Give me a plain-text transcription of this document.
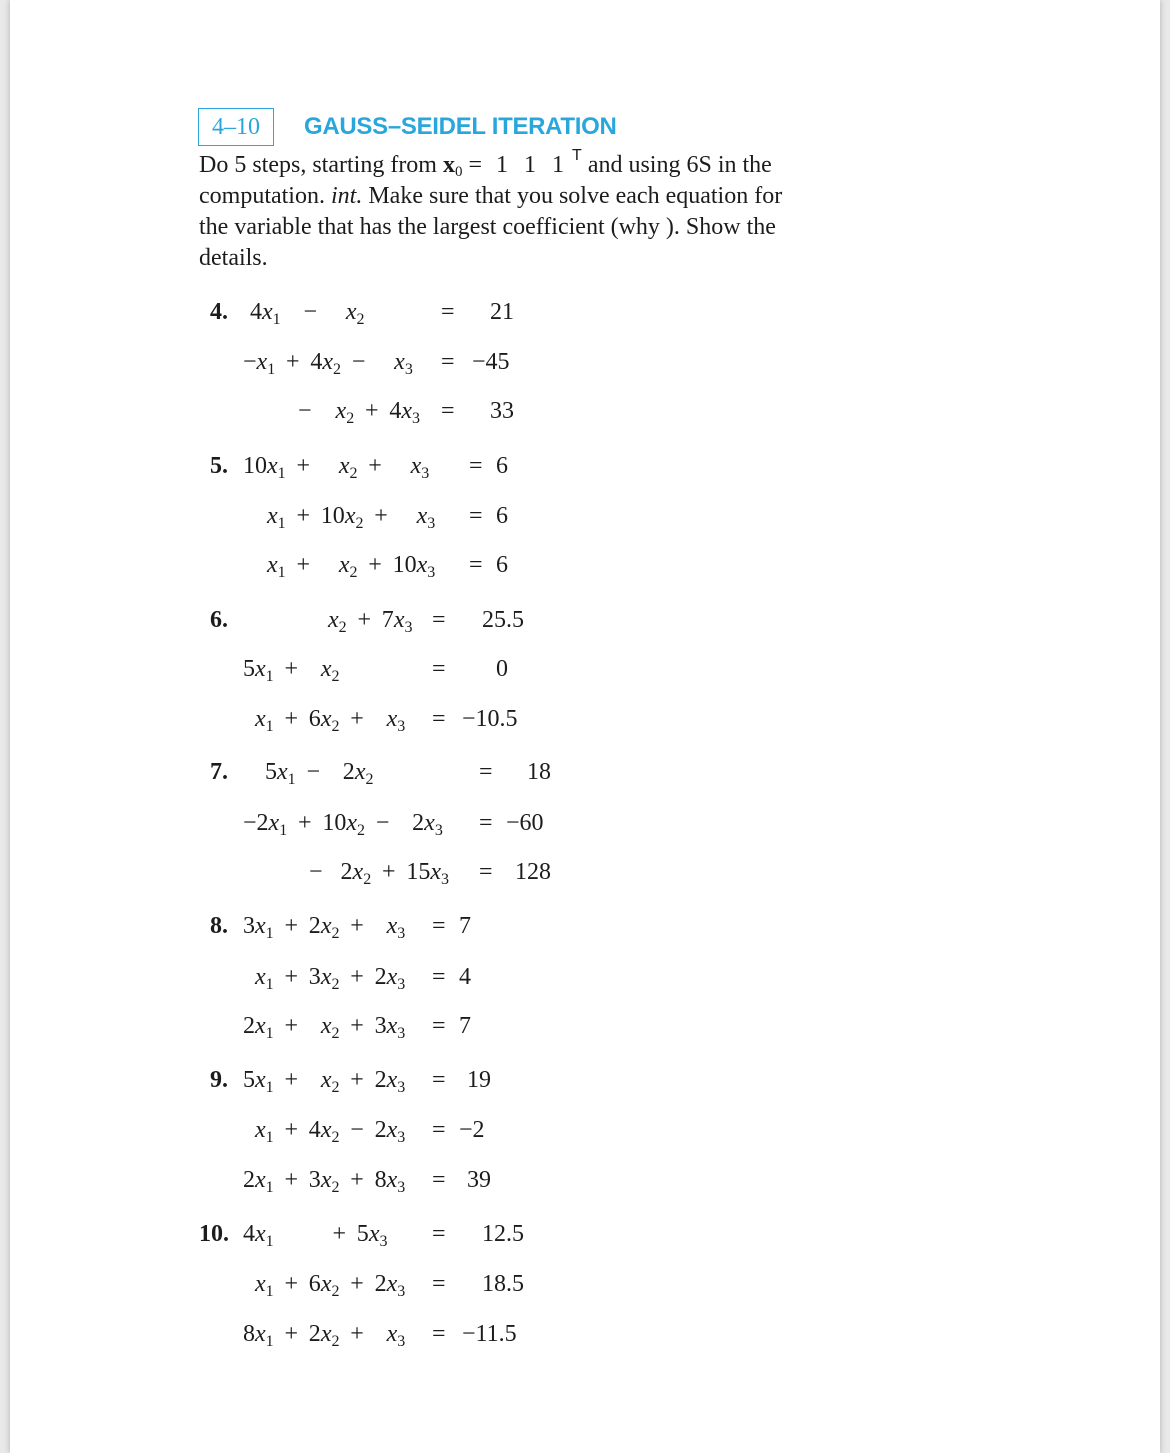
4–10	GAUSS–SEIDEL ITERATION
Do 5 steps, starting from $x_0 = 1$ 1 1 $^T$ and using 6S in the computation. int. Make sure that you solve each equation for the variable that has the largest coefficient (why ). Show the details.
4. $4x_1$    −     $x_2$	= 21
$-x_1 + 4x_2$  −     $x_3 = -45$
−    $x_2 + 4x_3 = 33$
5. $10x_1$  +     $x_2$  +     $x_3 = 6$
$x_1 + 10x_2$  +     $x_3 = 6$
$x_1$  +     $x_2 + 10x_3 = 6$
6.	$x_2 + 7x_3 = 25.5$
$5x_1$  +    $x_2$	= 0
$x_1 + 6x_2$  +    $x_3 = -10.5$
7. $5x_1$  −    $2x_2$	= 18
$-2x_1 + 10x_2$  −    $2x_3 = -60$
−   $2x_2 + 15x_3 = 128$
8. $3x_1 + 2x_2$  +    $x_3 = 7$
$x_1 + 3x_2 + 2x_3 = 4$
$2x_1$  +    $x_2 + 3x_3 = 7$
9. $5x_1$  +    $x_2 + 2x_3 = 19$
$x_1 + 4x_2 - 2x_3 = -2$
$2x_1 + 3x_2 + 8x_3 = 39$
10. $4x_1$          +  $5x_3 = 12.5$
$x_1 + 6x_2 + 2x_3 = 18.5$
$8x_1 + 2x_2$  +    $x_3 = -11.5$
